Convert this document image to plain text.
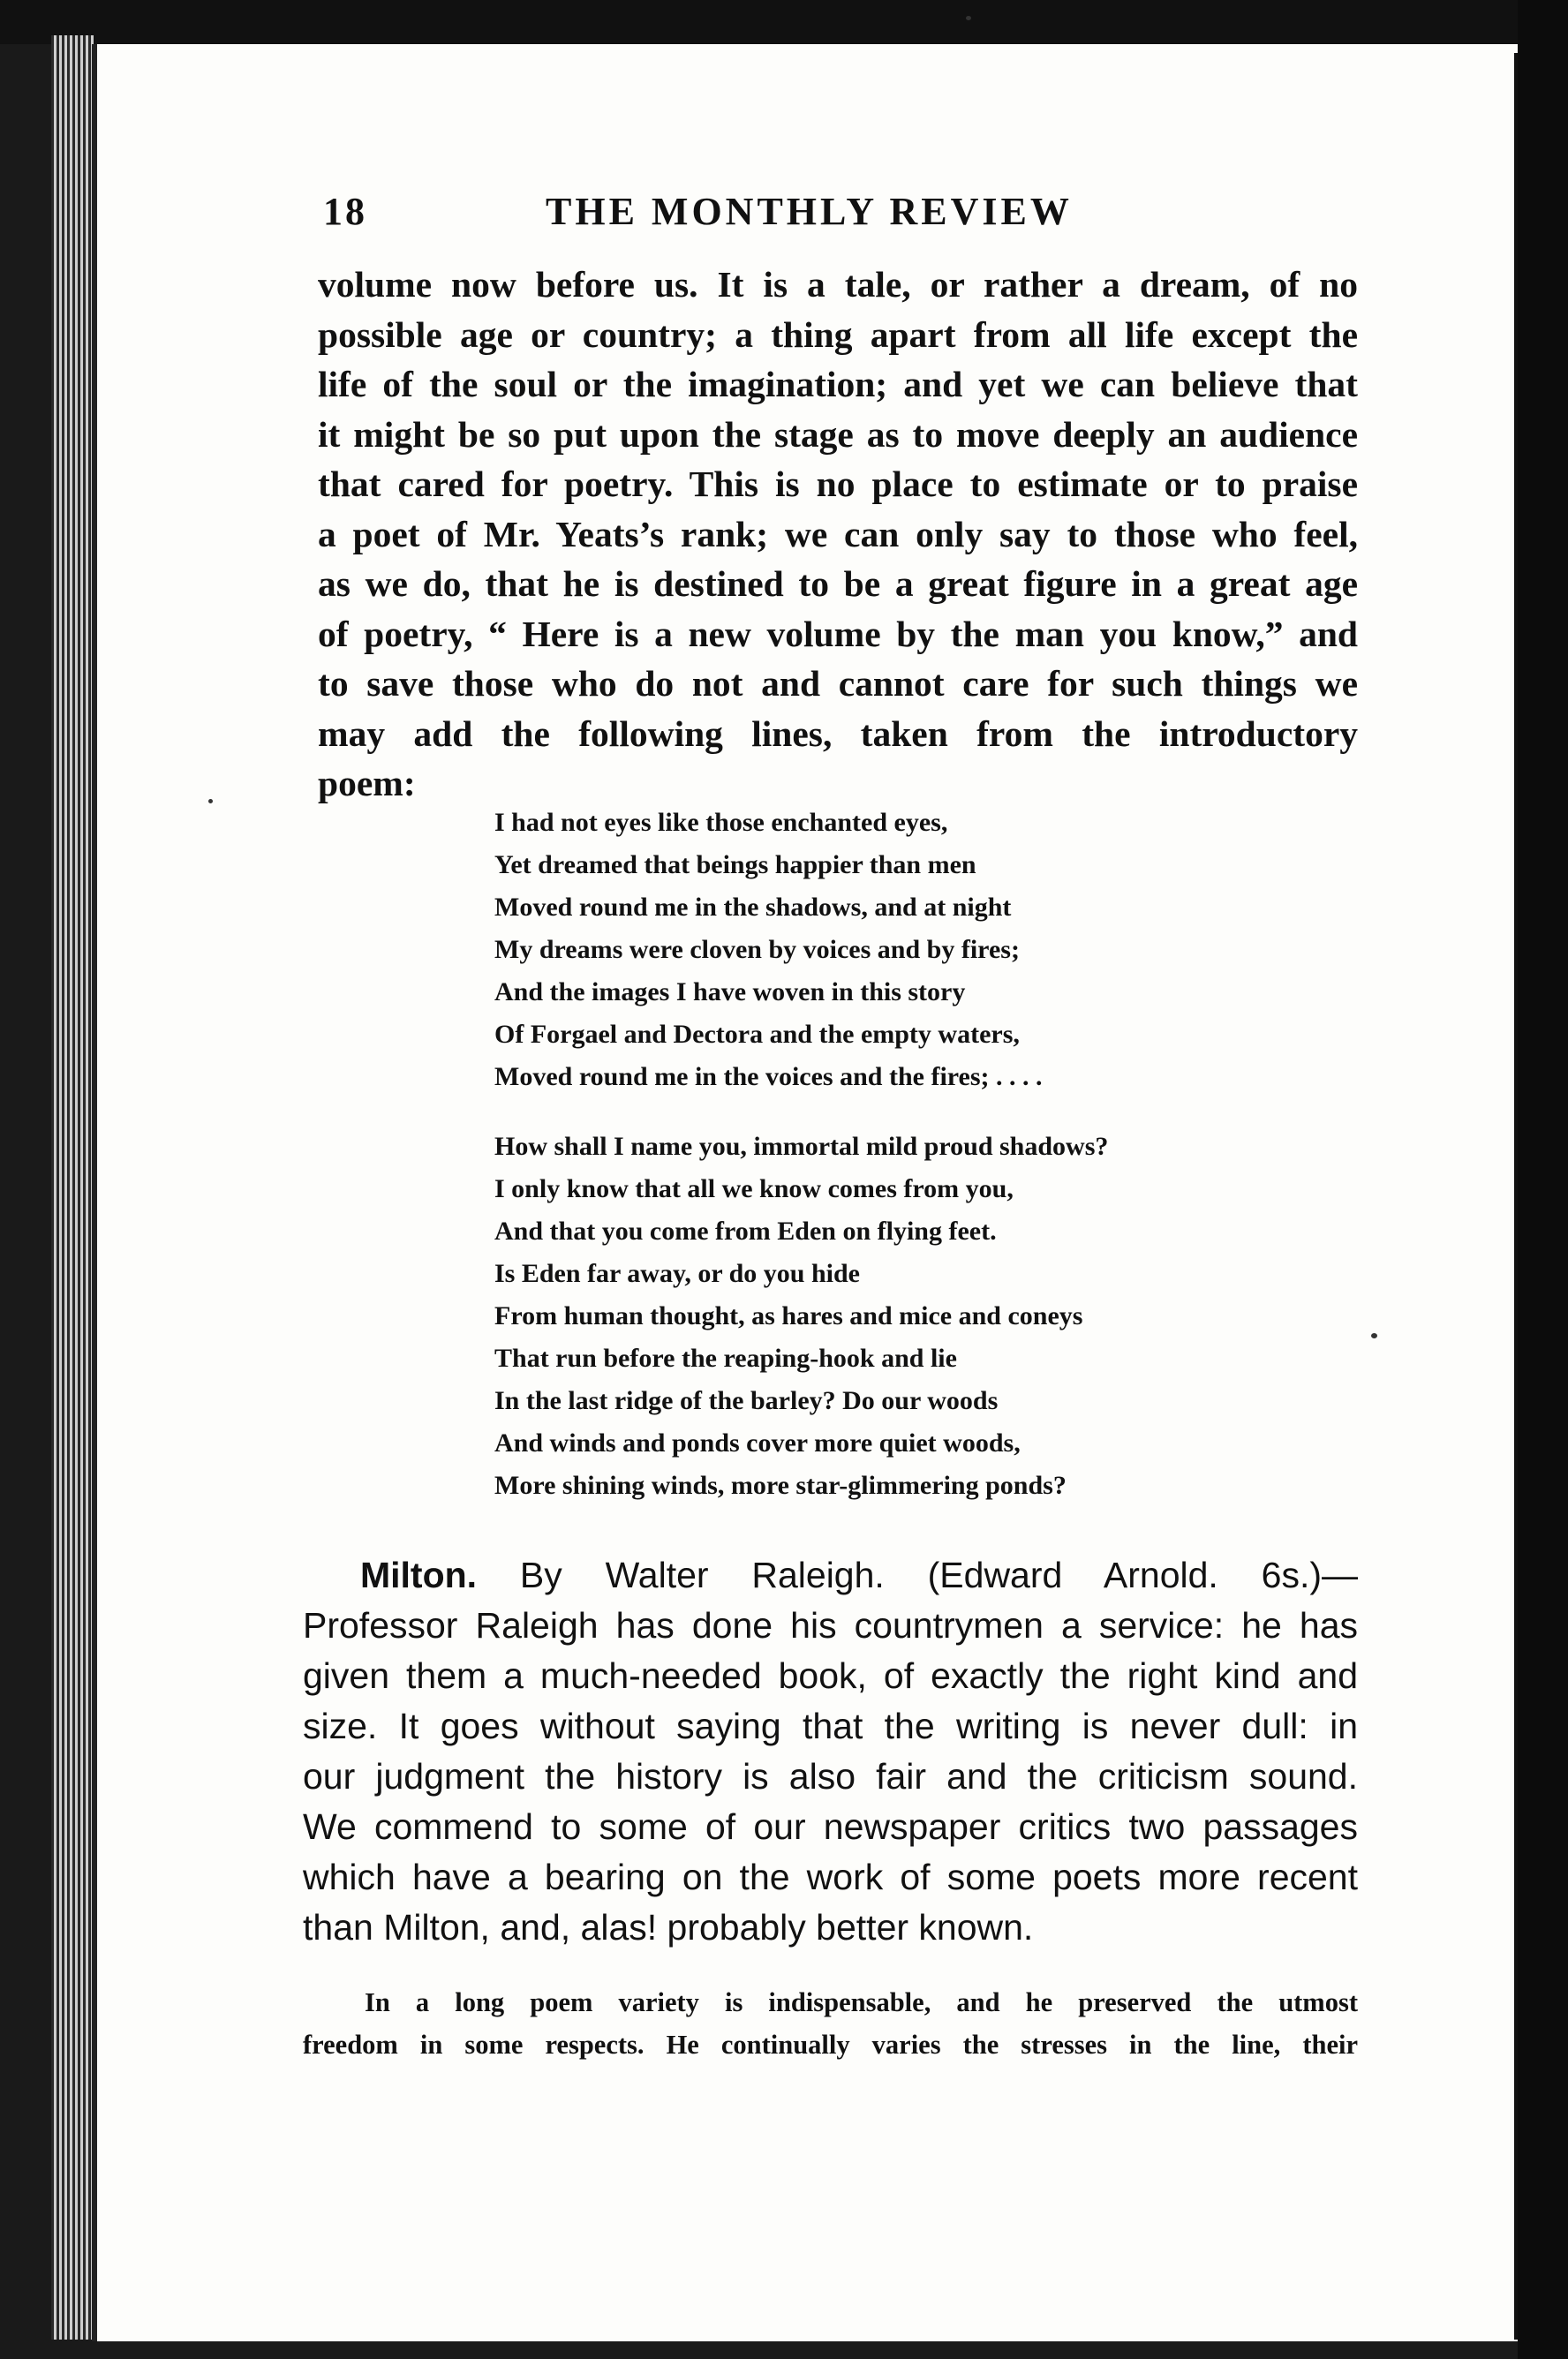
18	THE MONTHLY REVIEW
volume now before us. It is a tale, or rather a dream, of no
possible age or country; a thing apart from all life except the
life of the soul or the imagination; and yet we can believe that
it might be so put upon the stage as to move deeply an audience
that cared for poetry. This is no place to estimate or to praise
a poet of Mr. Yeats’s rank; we can only say to those who feel,
as we do, that he is destined to be a great figure in a great age
of poetry, “ Here is a new volume by the man you know,” and
to save those who do not and cannot care for such things we
may add the following lines, taken from the introductory
poem:
I had not eyes like those enchanted eyes,
Yet dreamed that beings happier than men
Moved round me in the shadows, and at night
My dreams were cloven by voices and by fires;
And the images I have woven in this story
Of Forgael and Dectora and the empty waters,
Moved round me in the voices and the fires; . . . .
How shall I name you, immortal mild proud shadows?
I only know that all we know comes from you,
And that you come from Eden on flying feet.
Is Eden far away, or do you hide
From human thought, as hares and mice and coneys
That run before the reaping-hook and lie
In the last ridge of the barley? Do our woods
And winds and ponds cover more quiet woods,
More shining winds, more star-glimmering ponds?
Milton. By Walter Raleigh. (Edward Arnold. 6s.)—
Professor Raleigh has done his countrymen a service: he has
given them a much-needed book, of exactly the right kind and
size. It goes without saying that the writing is never dull: in
our judgment the history is also fair and the criticism sound.
We commend to some of our newspaper critics two passages
which have a bearing on the work of some poets more recent
than Milton, and, alas! probably better known.
In a long poem variety is indispensable, and he preserved the utmost
freedom in some respects. He continually varies the stresses in the line, their
